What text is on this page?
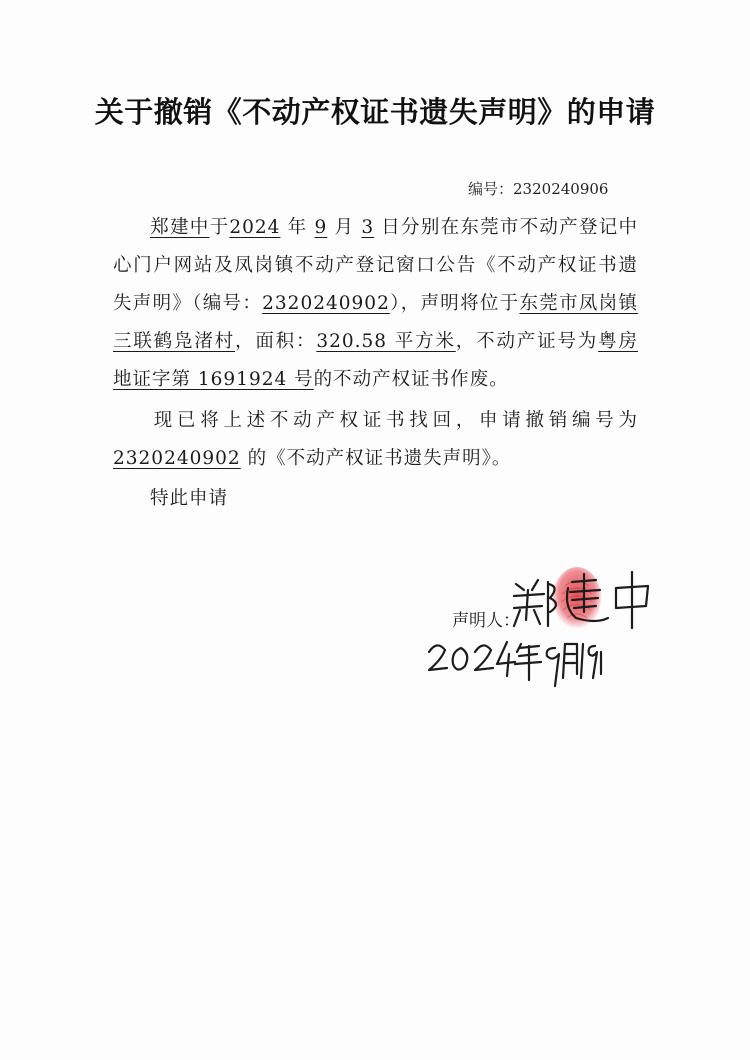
关于撤销《不动产权证书遗失声明》的申请
编号：2320240906
郑建中于2024 年 9 月 3 日分别在东莞市不动产登记中心门户网站及凤岗镇不动产登记窗口公告《不动产权证书遗失声明》（编号：2320240902），声明将位于东莞市凤岗镇三联鹤凫渚村，面积：320.58 平方米，不动产证号为粤房地证字第 1691924 号的不动产权证书作废。
现已将上述不动产权证书找回，申请撤销编号为2320240902 的《不动产权证书遗失声明》。
特此申请
声明人：
